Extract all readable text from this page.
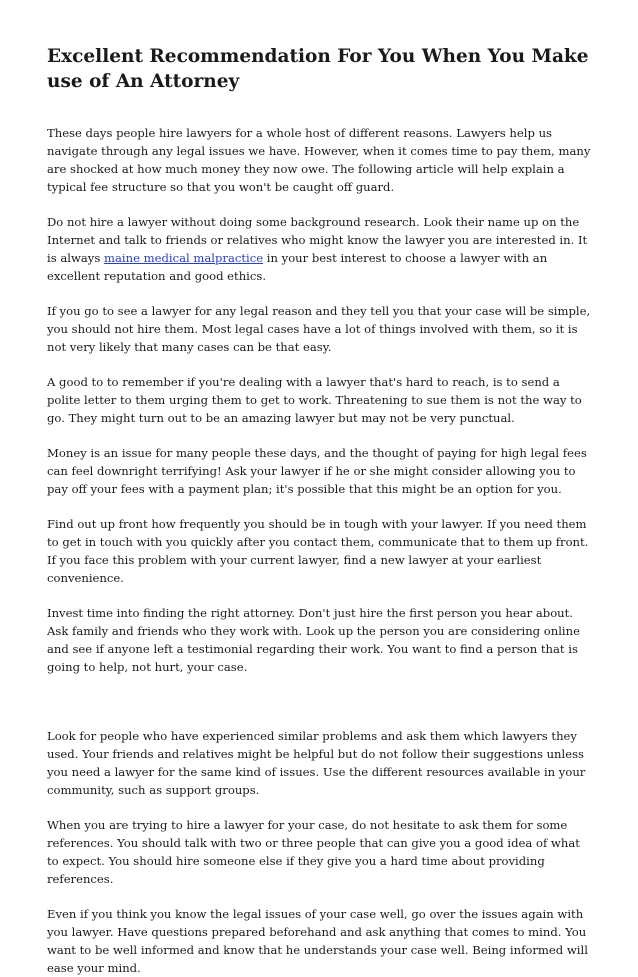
Excellent Recommendation For You When You Make use of An Attorney

These days people hire lawyers for a whole host of different reasons. Lawyers help us navigate through any legal issues we have. However, when it comes time to pay them, many are shocked at how much money they now owe. The following article will help explain a typical fee structure so that you won't be caught off guard.

Do not hire a lawyer without doing some background research. Look their name up on the Internet and talk to friends or relatives who might know the lawyer you are interested in. It is always maine medical malpractice in your best interest to choose a lawyer with an excellent reputation and good ethics.

If you go to see a lawyer for any legal reason and they tell you that your case will be simple, you should not hire them. Most legal cases have a lot of things involved with them, so it is not very likely that many cases can be that easy.

A good to to remember if you're dealing with a lawyer that's hard to reach, is to send a polite letter to them urging them to get to work. Threatening to sue them is not the way to go. They might turn out to be an amazing lawyer but may not be very punctual.

Money is an issue for many people these days, and the thought of paying for high legal fees can feel downright terrifying! Ask your lawyer if he or she might consider allowing you to pay off your fees with a payment plan; it's possible that this might be an option for you.

Find out up front how frequently you should be in tough with your lawyer. If you need them to get in touch with you quickly after you contact them, communicate that to them up front. If you face this problem with your current lawyer, find a new lawyer at your earliest convenience.

Invest time into finding the right attorney. Don't just hire the first person you hear about. Ask family and friends who they work with. Look up the person you are considering online and see if anyone left a testimonial regarding their work. You want to find a person that is going to help, not hurt, your case.

Look for people who have experienced similar problems and ask them which lawyers they used. Your friends and relatives might be helpful but do not follow their suggestions unless you need a lawyer for the same kind of issues. Use the different resources available in your community, such as support groups.

When you are trying to hire a lawyer for your case, do not hesitate to ask them for some references. You should talk with two or three people that can give you a good idea of what to expect. You should hire someone else if they give you a hard time about providing references.

Even if you think you know the legal issues of your case well, go over the issues again with you lawyer. Have questions prepared beforehand and ask anything that comes to mind. You want to be well informed and know that he understands your case well. Being informed will ease your mind.
